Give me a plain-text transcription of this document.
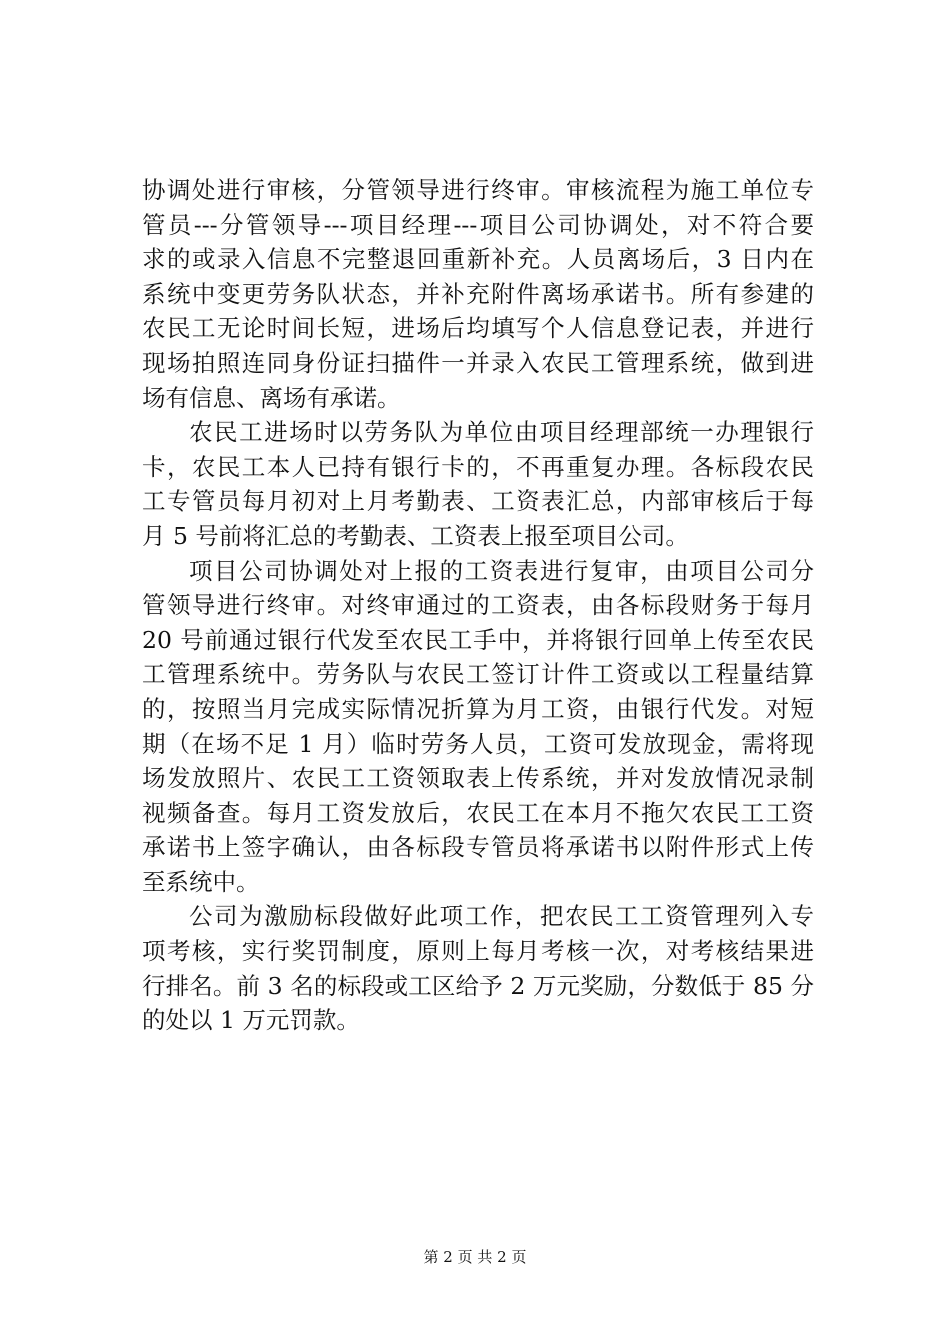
协调处进行审核，分管领导进行终审。审核流程为施工单位专
管员---分管领导---项目经理---项目公司协调处，对不符合要
求的或录入信息不完整退回重新补充。人员离场后，3 日内在
系统中变更劳务队状态，并补充附件离场承诺书。所有参建的
农民工无论时间长短，进场后均填写个人信息登记表，并进行
现场拍照连同身份证扫描件一并录入农民工管理系统，做到进
场有信息、离场有承诺。
农民工进场时以劳务队为单位由项目经理部统一办理银行
卡，农民工本人已持有银行卡的，不再重复办理。各标段农民
工专管员每月初对上月考勤表、工资表汇总，内部审核后于每
月 5 号前将汇总的考勤表、工资表上报至项目公司。
项目公司协调处对上报的工资表进行复审，由项目公司分
管领导进行终审。对终审通过的工资表，由各标段财务于每月
20 号前通过银行代发至农民工手中，并将银行回单上传至农民
工管理系统中。劳务队与农民工签订计件工资或以工程量结算
的，按照当月完成实际情况折算为月工资，由银行代发。对短
期（在场不足 1 月）临时劳务人员，工资可发放现金，需将现
场发放照片、农民工工资领取表上传系统，并对发放情况录制
视频备查。每月工资发放后，农民工在本月不拖欠农民工工资
承诺书上签字确认，由各标段专管员将承诺书以附件形式上传
至系统中。
公司为激励标段做好此项工作，把农民工工资管理列入专
项考核，实行奖罚制度，原则上每月考核一次，对考核结果进
行排名。前 3 名的标段或工区给予 2 万元奖励，分数低于 85 分
的处以 1 万元罚款。
第 2 页 共 2 页
